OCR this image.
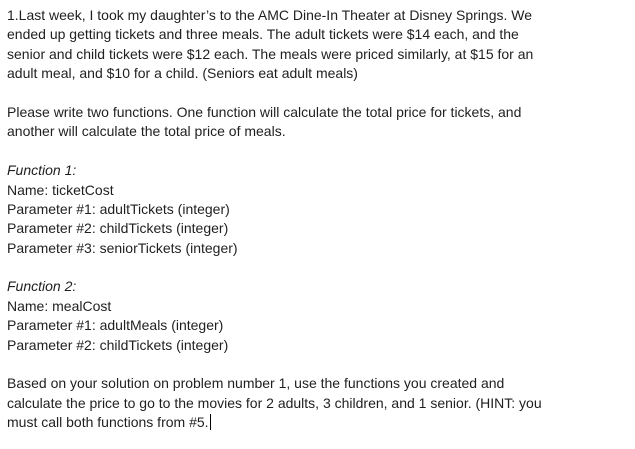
1.Last week, I took my daughter’s to the AMC Dine-In Theater at Disney Springs. We
ended up getting tickets and three meals. The adult tickets were $14 each, and the
senior and child tickets were $12 each. The meals were priced similarly, at $15 for an
adult meal, and $10 for a child. (Seniors eat adult meals)
Please write two functions. One function will calculate the total price for tickets, and
another will calculate the total price of meals.
Function 1:
Name: ticketCost
Parameter #1: adultTickets (integer)
Parameter #2: childTickets (integer)
Parameter #3: seniorTickets (integer)
Function 2:
Name: mealCost
Parameter #1: adultMeals (integer)
Parameter #2: childTickets (integer)
Based on your solution on problem number 1, use the functions you created and
calculate the price to go to the movies for 2 adults, 3 children, and 1 senior. (HINT: you
must call both functions from #5.
